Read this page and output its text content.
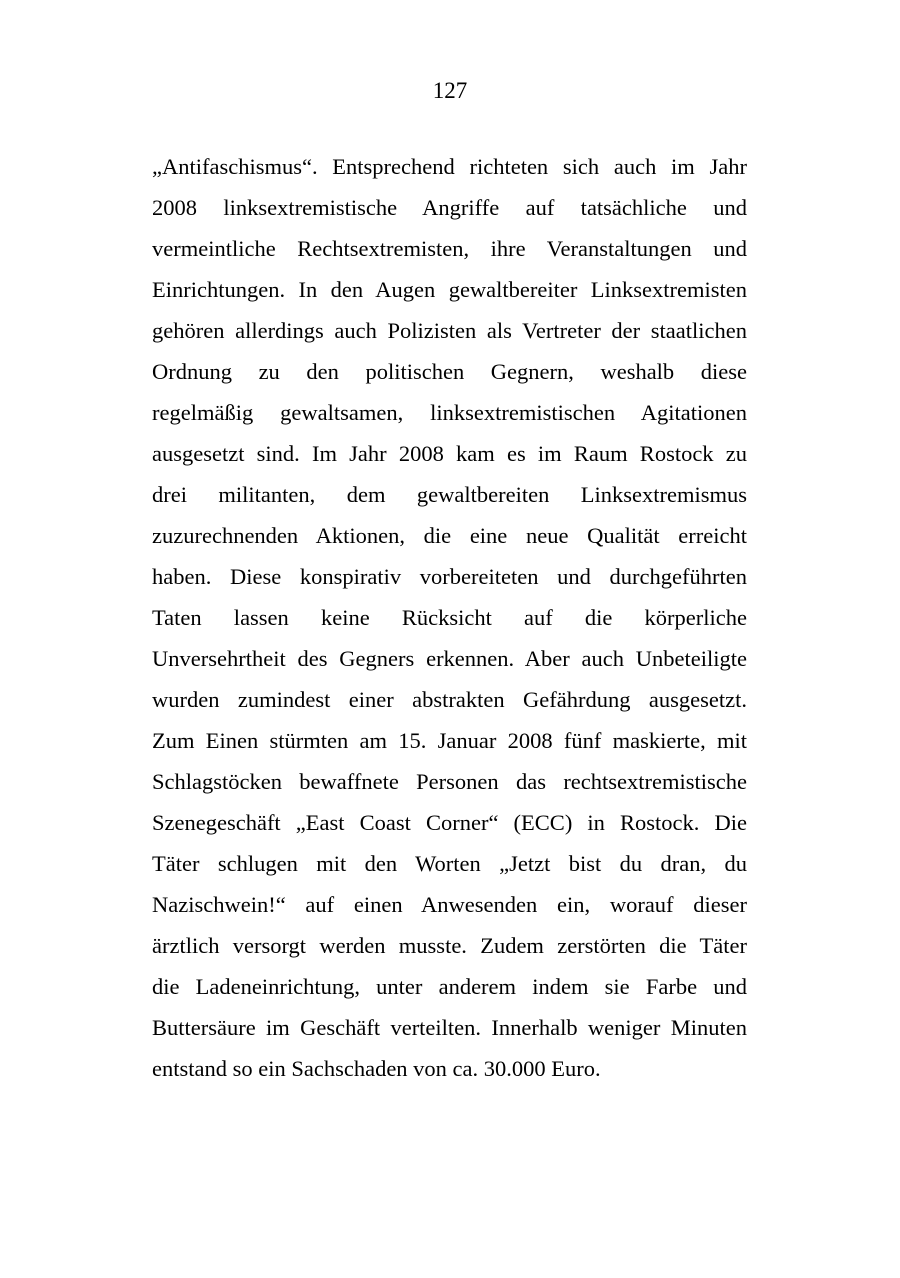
127
„Antifaschismus“. Entsprechend richteten sich auch im Jahr
2008 linksextremistische Angriffe auf tatsächliche und
vermeintliche Rechtsextremisten, ihre Veranstaltungen und
Einrichtungen. In den Augen gewaltbereiter Linksextremisten
gehören allerdings auch Polizisten als Vertreter der staatlichen
Ordnung zu den politischen Gegnern, weshalb diese
regelmäßig gewaltsamen, linksextremistischen Agitationen
ausgesetzt sind. Im Jahr 2008 kam es im Raum Rostock zu
drei militanten, dem gewaltbereiten Linksextremismus
zuzurechnenden Aktionen, die eine neue Qualität erreicht
haben. Diese konspirativ vorbereiteten und durchgeführten
Taten lassen keine Rücksicht auf die körperliche
Unversehrtheit des Gegners erkennen. Aber auch Unbeteiligte
wurden zumindest einer abstrakten Gefährdung ausgesetzt.
Zum Einen stürmten am 15. Januar 2008 fünf maskierte, mit
Schlagstöcken bewaffnete Personen das rechtsextremistische
Szenegeschäft „East Coast Corner“ (ECC) in Rostock. Die
Täter schlugen mit den Worten „Jetzt bist du dran, du
Nazischwein!“ auf einen Anwesenden ein, worauf dieser
ärztlich versorgt werden musste. Zudem zerstörten die Täter
die Ladeneinrichtung, unter anderem indem sie Farbe und
Buttersäure im Geschäft verteilten. Innerhalb weniger Minuten
entstand so ein Sachschaden von ca. 30.000 Euro.
